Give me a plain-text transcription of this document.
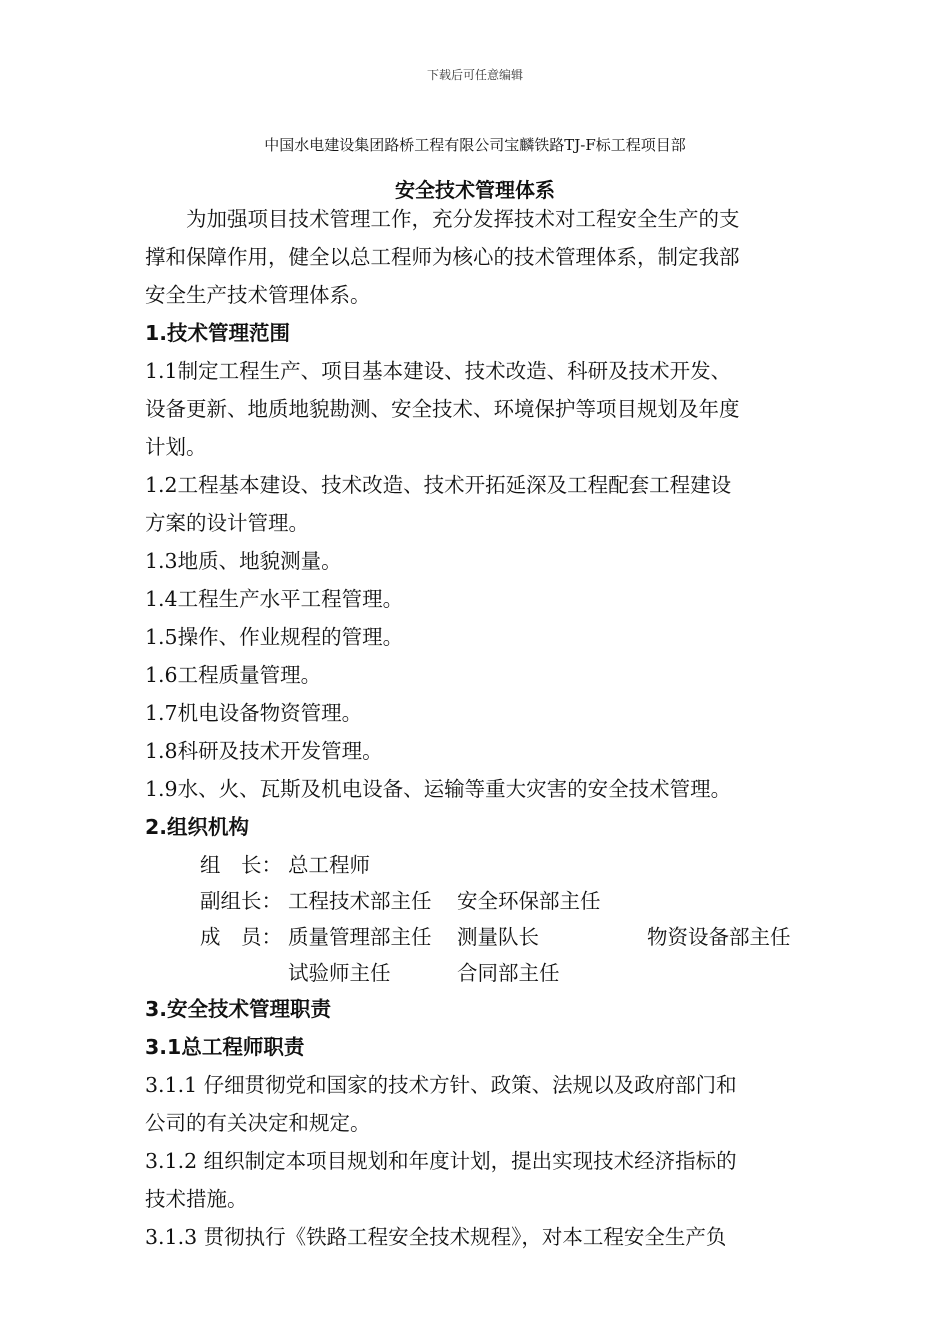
下载后可任意编辑
中国水电建设集团路桥工程有限公司宝麟铁路TJ-F标工程项目部
安全技术管理体系

为加强项目技术管理工作，充分发挥技术对工程安全生产的支

撑和保障作用，健全以总工程师为核心的技术管理体系，制定我部

安全生产技术管理体系。

1.技术管理范围

1.1制定工程生产、项目基本建设、技术改造、科研及技术开发、

设备更新、地质地貌勘测、安全技术、环境保护等项目规划及年度

计划。

1.2工程基本建设、技术改造、技术开拓延深及工程配套工程建设

方案的设计管理。

1.3地质、地貌测量。

1.4工程生产水平工程管理。

1.5操作、作业规程的管理。

1.6工程质量管理。

1.7机电设备物资管理。

1.8科研及技术开发管理。

1.9水、火、瓦斯及机电设备、运输等重大灾害的安全技术管理。

2.组织机构

组　长： 总工程师
副组长： 工程技术部主任 安全环保部主任
成　员： 质量管理部主任 测量队长	物资设备部主任
试验师主任	合同部主任

3.安全技术管理职责

3.1总工程师职责

3.1.1 仔细贯彻党和国家的技术方针、政策、法规以及政府部门和

公司的有关决定和规定。

3.1.2 组织制定本项目规划和年度计划，提出实现技术经济指标的

技术措施。

3.1.3 贯彻执行《铁路工程安全技术规程》，对本工程安全生产负
